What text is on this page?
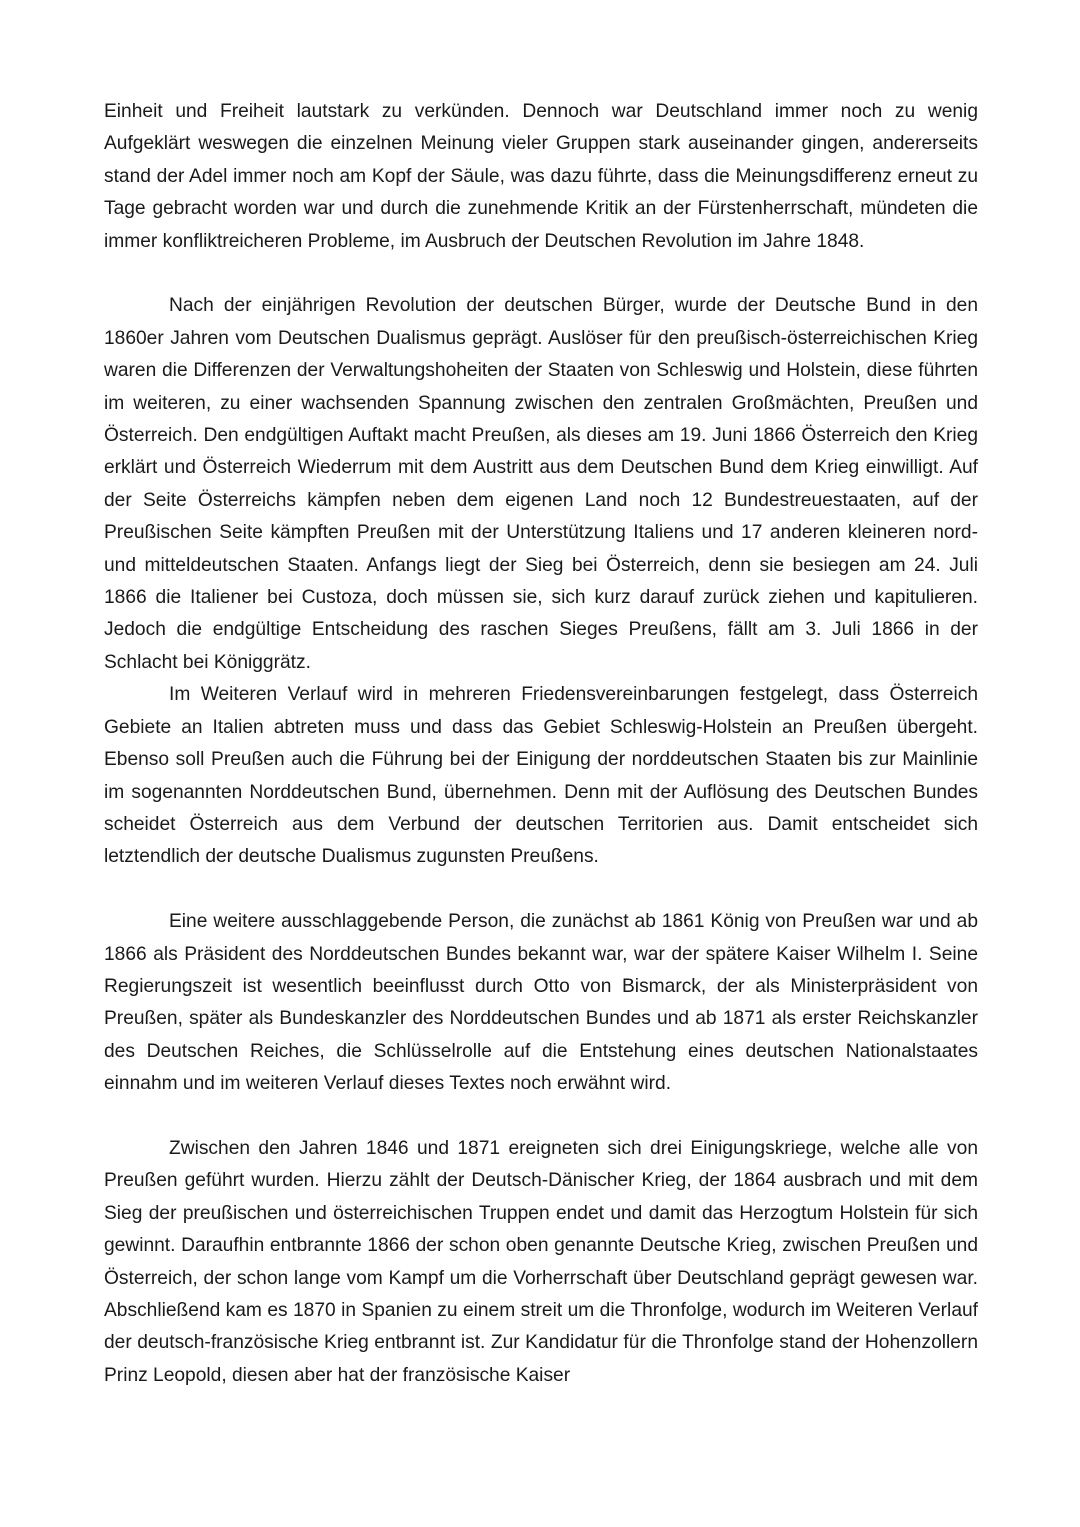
Einheit und Freiheit lautstark zu verkünden. Dennoch war Deutschland immer noch zu wenig Aufgeklärt weswegen die einzelnen Meinung vieler Gruppen stark auseinander gingen, andererseits stand der Adel immer noch am Kopf der Säule, was dazu führte, dass die Meinungsdifferenz erneut zu Tage gebracht worden war und durch die zunehmende Kritik an der Fürstenherrschaft, mündeten die immer konfliktreicheren Probleme, im Ausbruch der Deutschen Revolution im Jahre 1848.

Nach der einjährigen Revolution der deutschen Bürger, wurde der Deutsche Bund in den 1860er Jahren vom Deutschen Dualismus geprägt. Auslöser für den preußisch-österreichischen Krieg waren die Differenzen der Verwaltungshoheiten der Staaten von Schleswig und Holstein, diese führten im weiteren, zu einer wachsenden Spannung zwischen den zentralen Großmächten, Preußen und Österreich. Den endgültigen Auftakt macht Preußen, als dieses am 19. Juni 1866 Österreich den Krieg erklärt und Österreich Wiederrum mit dem Austritt aus dem Deutschen Bund dem Krieg einwilligt. Auf der Seite Österreichs kämpfen neben dem eigenen Land noch 12 Bundestreuestaaten, auf der Preußischen Seite kämpften Preußen mit der Unterstützung Italiens und 17 anderen kleineren nord- und mitteldeutschen Staaten. Anfangs liegt der Sieg bei Österreich, denn sie besiegen am 24. Juli 1866 die Italiener bei Custoza, doch müssen sie, sich kurz darauf zurück ziehen und kapitulieren. Jedoch die endgültige Entscheidung des raschen Sieges Preußens, fällt am 3. Juli 1866 in der Schlacht bei Königgrätz.

Im Weiteren Verlauf wird in mehreren Friedensvereinbarungen festgelegt, dass Österreich Gebiete an Italien abtreten muss und dass das Gebiet Schleswig-Holstein an Preußen übergeht. Ebenso soll Preußen auch die Führung bei der Einigung der norddeutschen Staaten bis zur Mainlinie im sogenannten Norddeutschen Bund, übernehmen. Denn mit der Auflösung des Deutschen Bundes scheidet Österreich aus dem Verbund der deutschen Territorien aus. Damit entscheidet sich letztendlich der deutsche Dualismus zugunsten Preußens.

Eine weitere ausschlaggebende Person, die zunächst ab 1861 König von Preußen war und ab 1866 als Präsident des Norddeutschen Bundes bekannt war, war der spätere Kaiser Wilhelm I. Seine Regierungszeit ist wesentlich beeinflusst durch Otto von Bismarck, der als Ministerpräsident von Preußen, später als Bundeskanzler des Norddeutschen Bundes und ab 1871 als erster Reichskanzler des Deutschen Reiches, die Schlüsselrolle auf die Entstehung eines deutschen Nationalstaates einnahm und im weiteren Verlauf dieses Textes noch erwähnt wird.

Zwischen den Jahren 1846 und 1871 ereigneten sich drei Einigungskriege, welche alle von Preußen geführt wurden. Hierzu zählt der Deutsch-Dänischer Krieg, der 1864 ausbrach und mit dem Sieg der preußischen und österreichischen Truppen endet und damit das Herzogtum Holstein für sich gewinnt. Daraufhin entbrannte 1866 der schon oben genannte Deutsche Krieg, zwischen Preußen und Österreich, der schon lange vom Kampf um die Vorherrschaft über Deutschland geprägt gewesen war. Abschließend kam es 1870 in Spanien zu einem streit um die Thronfolge, wodurch im Weiteren Verlauf der deutsch-französische Krieg entbrannt ist. Zur Kandidatur für die Thronfolge stand der Hohenzollern Prinz Leopold, diesen aber hat der französische Kaiser
